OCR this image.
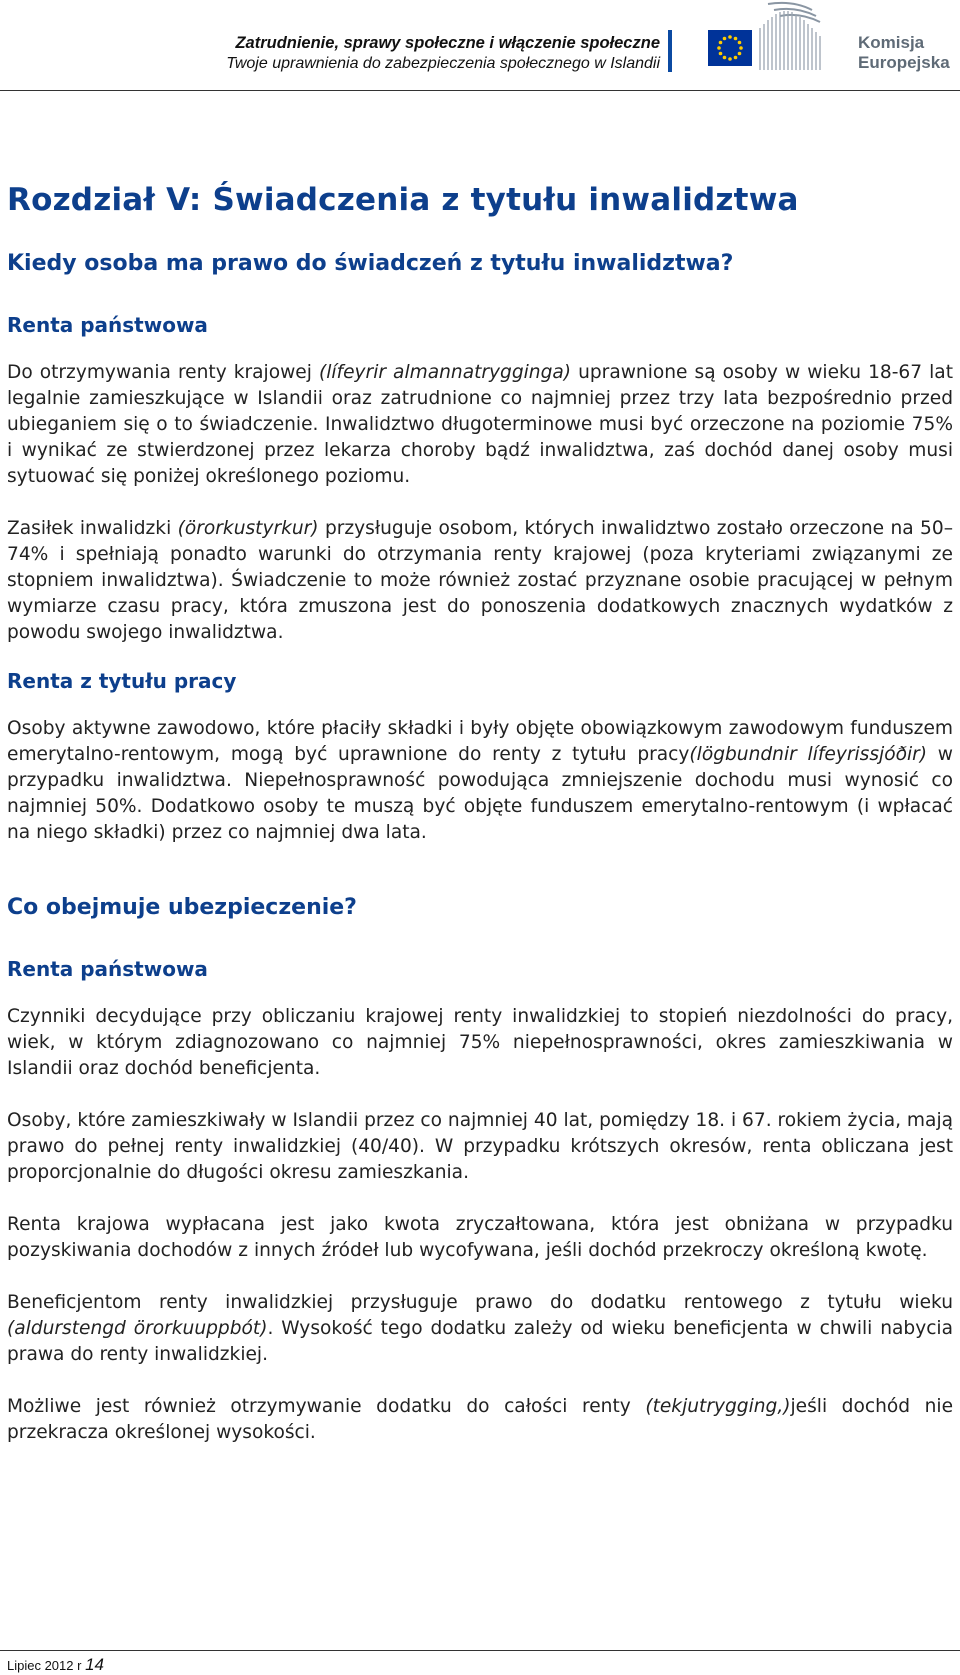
Zatrudnienie, sprawy społeczne i włączenie społeczne
Twoje uprawnienia do zabezpieczenia społecznego w Islandii
Komisja
Europejska
Rozdział V: Świadczenia z tytułu inwalidztwa
Kiedy osoba ma prawo do świadczeń z tytułu inwalidztwa?
Renta państwowa

Do otrzymywania renty krajowej (lífeyrir almannatrygginga) uprawnione są osoby w wieku 18-67 lat legalnie zamieszkujące w Islandii oraz zatrudnione co najmniej przez trzy lata bezpośrednio przed ubieganiem się o to świadczenie. Inwalidztwo długoterminowe musi być orzeczone na poziomie 75% i wynikać ze stwierdzonej przez lekarza choroby bądź inwalidztwa, zaś dochód danej osoby musi sytuować się poniżej określonego poziomu.

Zasiłek inwalidzki (örorkustyrkur) przysługuje osobom, których inwalidztwo zostało orzeczone na 50–74% i spełniają ponadto warunki do otrzymania renty krajowej (poza kryteriami związanymi ze stopniem inwalidztwa). Świadczenie to może również zostać przyznane osobie pracującej w pełnym wymiarze czasu pracy, która zmuszona jest do ponoszenia dodatkowych znacznych wydatków z powodu swojego inwalidztwa.

Renta z tytułu pracy

Osoby aktywne zawodowo, które płaciły składki i były objęte obowiązkowym zawodowym funduszem emerytalno-rentowym, mogą być uprawnione do renty z tytułu pracy(lögbundnir lífeyrissjóðir) w przypadku inwalidztwa. Niepełnosprawność powodująca zmniejszenie dochodu musi wynosić co najmniej 50%. Dodatkowo osoby te muszą być objęte funduszem emerytalno-rentowym (i wpłacać na niego składki) przez co najmniej dwa lata.

Co obejmuje ubezpieczenie?
Renta państwowa

Czynniki decydujące przy obliczaniu krajowej renty inwalidzkiej to stopień niezdolności do pracy, wiek, w którym zdiagnozowano co najmniej 75% niepełnosprawności, okres zamieszkiwania w Islandii oraz dochód beneficjenta.

Osoby, które zamieszkiwały w Islandii przez co najmniej 40 lat, pomiędzy 18. i 67. rokiem życia, mają prawo do pełnej renty inwalidzkiej (40/40). W przypadku krótszych okresów, renta obliczana jest proporcjonalnie do długości okresu zamieszkania.

Renta krajowa wypłacana jest jako kwota zryczałtowana, która jest obniżana w przypadku pozyskiwania dochodów z innych źródeł lub wycofywana, jeśli dochód przekroczy określoną kwotę.

Beneficjentom renty inwalidzkiej przysługuje prawo do dodatku rentowego z tytułu wieku (aldurstengd örorkuuppbót). Wysokość tego dodatku zależy od wieku beneficjenta w chwili nabycia prawa do renty inwalidzkiej.

Możliwe jest również otrzymywanie dodatku do całości renty (tekjutrygging,)jeśli dochód nie przekracza określonej wysokości.

Lipiec 2012 r 14
